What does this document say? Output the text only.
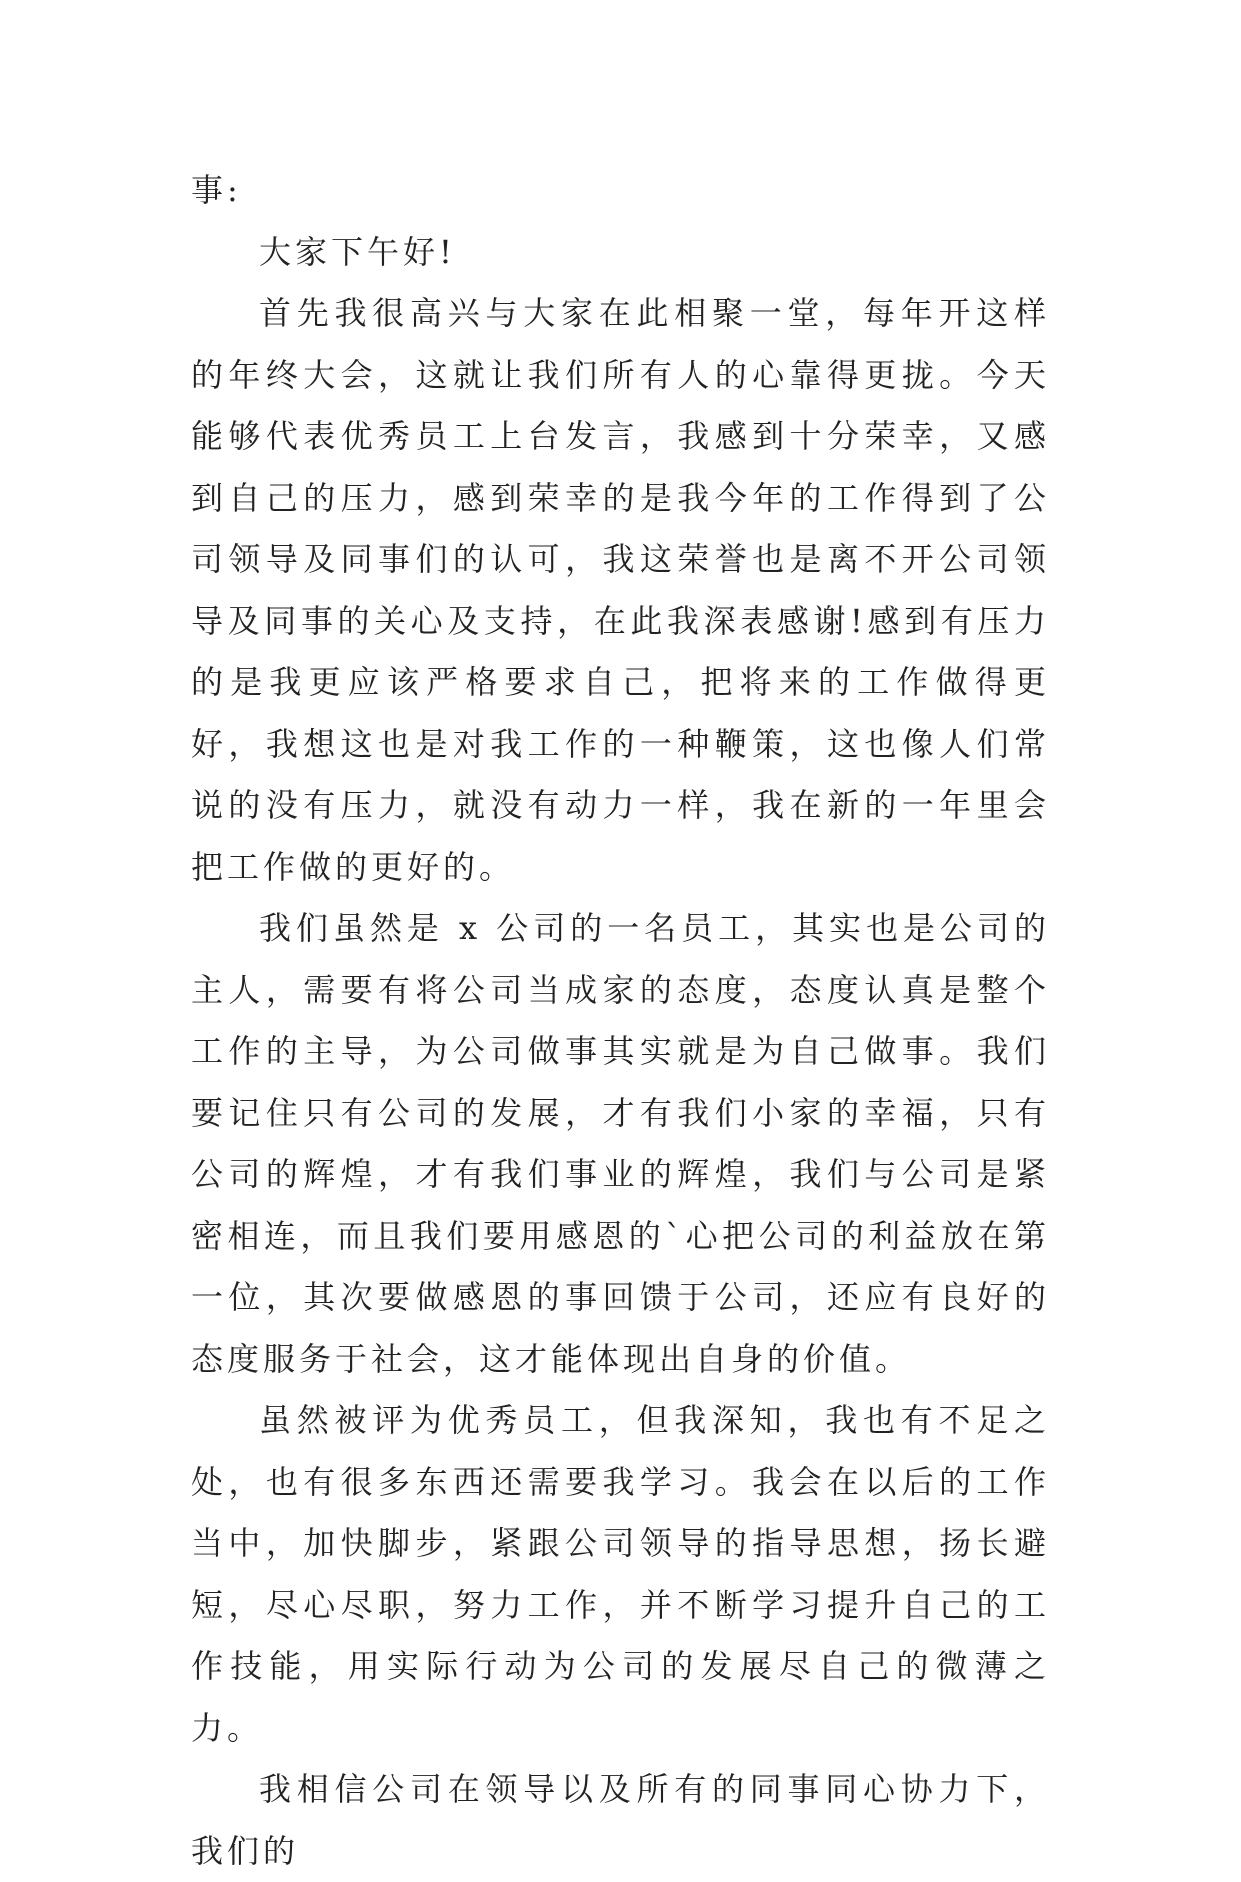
事:

大家下午好!

首先我很高兴与大家在此相聚一堂，每年开这样的年终大会，这就让我们所有人的心靠得更拢。今天能够代表优秀员工上台发言，我感到十分荣幸，又感到自己的压力，感到荣幸的是我今年的工作得到了公司领导及同事们的认可，我这荣誉也是离不开公司领导及同事的关心及支持，在此我深表感谢!感到有压力的是我更应该严格要求自己，把将来的工作做得更好，我想这也是对我工作的一种鞭策，这也像人们常说的没有压力，就没有动力一样，我在新的一年里会把工作做的更好的。

我们虽然是 x 公司的一名员工，其实也是公司的主人，需要有将公司当成家的态度，态度认真是整个工作的主导，为公司做事其实就是为自己做事。我们要记住只有公司的发展，才有我们小家的幸福，只有公司的辉煌，才有我们事业的辉煌，我们与公司是紧密相连，而且我们要用感恩的`心把公司的利益放在第一位，其次要做感恩的事回馈于公司，还应有良好的态度服务于社会，这才能体现出自身的价值。

虽然被评为优秀员工，但我深知，我也有不足之处，也有很多东西还需要我学习。我会在以后的工作当中，加快脚步，紧跟公司领导的指导思想，扬长避短，尽心尽职，努力工作，并不断学习提升自己的工作技能，用实际行动为公司的发展尽自己的微薄之力。

我相信公司在领导以及所有的同事同心协力下，我们的
